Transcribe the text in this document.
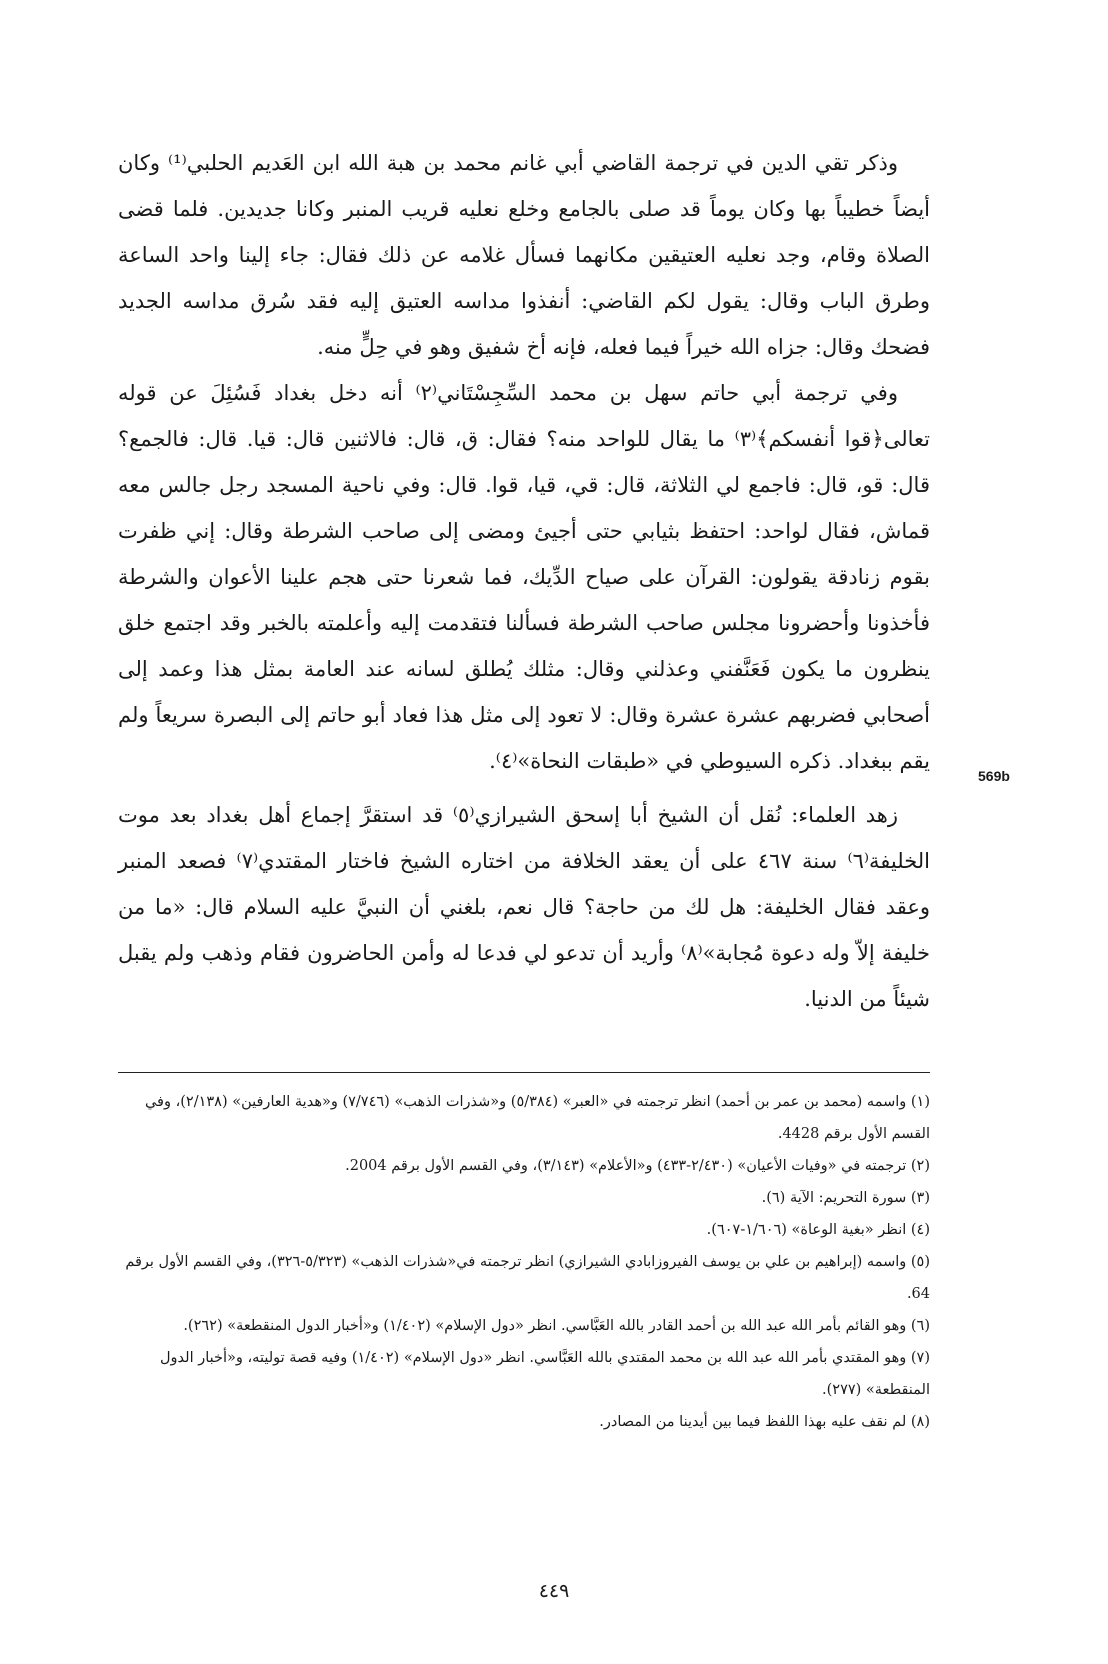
وذكر تقي الدين في ترجمة القاضي أبي غانم محمد بن هبة الله ابن العَديم الحلبي⁽¹⁾ وكان أيضاً خطيباً بها وكان يوماً قد صلى بالجامع وخلع نعليه قريب المنبر وكانا جديدين. فلما قضى الصلاة وقام، وجد نعليه العتيقين مكانهما فسأل غلامه عن ذلك فقال: جاء إلينا واحد الساعة وطرق الباب وقال: يقول لكم القاضي: أنفذوا مداسه العتيق إليه فقد سُرق مداسه الجديد فضحك وقال: جزاه الله خيراً فيما فعله، فإنه أخ شفيق وهو في حِلٍّ منه.

وفي ترجمة أبي حاتم سهل بن محمد السِّجِسْتَاني⁽٢⁾ أنه دخل بغداد فَسُئِلَ عن قوله تعالى﴿قوا أنفسكم﴾⁽٣⁾ ما يقال للواحد منه؟ فقال: ق، قال: فالاثنين قال: قيا. قال: فالجمع؟ قال: قو، قال: فاجمع لي الثلاثة، قال: قي، قيا، قوا. قال: وفي ناحية المسجد رجل جالس معه قماش، فقال لواحد: احتفظ بثيابي حتى أجيئ ومضى إلى صاحب الشرطة وقال: إني ظفرت بقوم زنادقة يقولون: القرآن على صياح الدِّيك، فما شعرنا حتى هجم علينا الأعوان والشرطة فأخذونا وأحضرونا مجلس صاحب الشرطة فسألنا فتقدمت إليه وأعلمته بالخبر وقد اجتمع خلق ينظرون ما يكون فَعَنَّفني وعذلني وقال: مثلك يُطلق لسانه عند العامة بمثل هذا وعمد إلى أصحابي فضربهم عشرة عشرة وقال: لا تعود إلى مثل هذا فعاد أبو حاتم إلى البصرة سريعاً ولم يقم ببغداد. ذكره السيوطي في «طبقات النحاة»⁽٤⁾.

زهد العلماء: نُقل أن الشيخ أبا إسحق الشيرازي⁽٥⁾ قد استقرَّ إجماع أهل بغداد بعد موت الخليفة⁽٦⁾ سنة ٤٦٧ على أن يعقد الخلافة من اختاره الشيخ فاختار المقتدي⁽٧⁾ فصعد المنبر وعقد فقال الخليفة: هل لك من حاجة؟ قال نعم، بلغني أن النبيَّ عليه السلام قال: «ما من خليفة إلاّ وله دعوة مُجابة»⁽٨⁾ وأريد أن تدعو لي فدعا له وأمن الحاضرون فقام وذهب ولم يقبل شيئاً من الدنيا.

569b

(١) واسمه (محمد بن عمر بن أحمد) انظر ترجمته في «العبر» (٥/٣٨٤) و«شذرات الذهب» (٧/٧٤٦) و«هدية العارفين» (٢/١٣٨)، وفي القسم الأول برقم 4428.

(٢) ترجمته في «وفيات الأعيان» (٢/٤٣٠-٤٣٣) و«الأعلام» (٣/١٤٣)، وفي القسم الأول برقم 2004.

(٣) سورة التحريم: الآية (٦).

(٤) انظر «بغية الوعاة» (١/٦٠٦-٦٠٧).

(٥) واسمه (إبراهيم بن علي بن يوسف الفيروزابادي الشيرازي) انظر ترجمته في«شذرات الذهب» (٥/٣٢٣-٣٢٦)، وفي القسم الأول برقم 64.

(٦) وهو القائم بأمر الله عبد الله بن أحمد القادر بالله العَبَّاسي. انظر «دول الإسلام» (١/٤٠٢) و«أخبار الدول المنقطعة» (٢٦٢).

(٧) وهو المقتدي بأمر الله عبد الله بن محمد المقتدي بالله العَبَّاسي. انظر «دول الإسلام» (١/٤٠٢) وفيه قصة توليته، و«أخبار الدول المنقطعة» (٢٧٧).

(٨) لم نقف عليه بهذا اللفظ فيما بين أيدينا من المصادر.

٤٤٩
